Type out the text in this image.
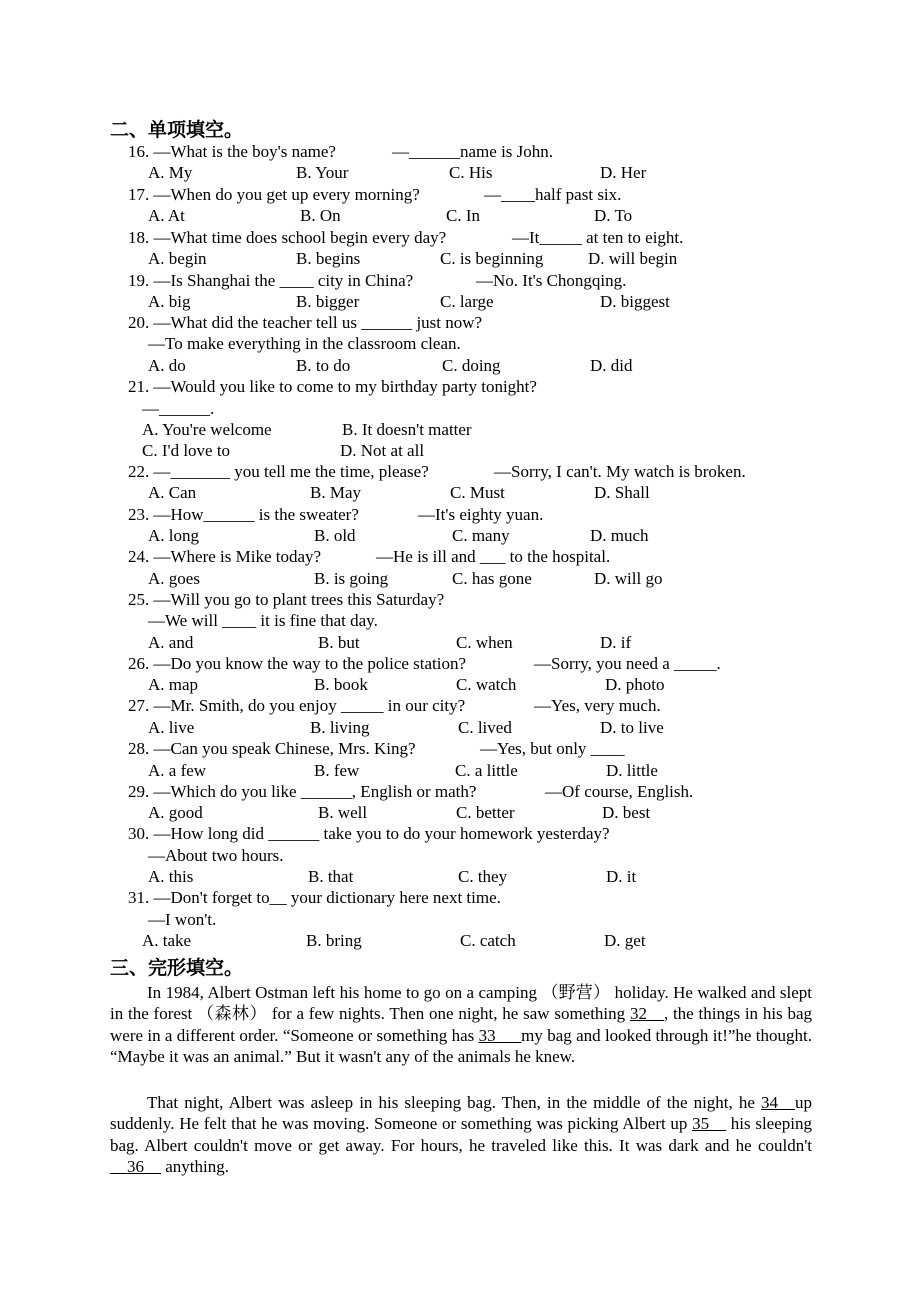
二、单项填空。
16. —What is the boy's name?	—______name is John.
A. My	B. Your	C. His	D. Her
17. —When do you get up every morning?	—____half past six.
A. At	B. On	C. In	D. To
18. —What time does school begin every day?	—It_____ at ten to eight.
A. begin	B. begins	C. is beginning	D. will begin
19. —Is Shanghai the ____ city in China?	—No. It's Chongqing.
A. big	B. bigger	C. large	D. biggest
20. —What did the teacher tell us ______ just now?
—To make everything in the classroom clean.
A. do	B. to do	C. doing	D. did
21. —Would you like to come to my birthday party tonight?
—______.
A. You're welcome	B. It doesn't matter
C. I'd love to	D. Not at all
22. —_______ you tell me the time, please?	—Sorry, I can't. My watch is broken.
A. Can	B. May	C. Must	D. Shall
23. —How______ is the sweater?	—It's eighty yuan.
A. long	B. old	C. many	D. much
24. —Where is Mike today?	—He is ill and ___ to the hospital.
A. goes	B. is going	C. has gone	D. will go
25. —Will you go to plant trees this Saturday?
—We will ____ it is fine that day.
A. and	B. but	C. when	D. if
26. —Do you know the way to the police station?	—Sorry, you need a _____.
A. map	B. book	C. watch	D. photo
27. —Mr. Smith, do you enjoy _____ in our city?	—Yes, very much.
A. live	B. living	C. lived	D. to live
28. —Can you speak Chinese, Mrs. King?	—Yes, but only ____
A. a few	B. few	C. a little	D. little
29. —Which do you like ______, English or math?	—Of course, English.
A. good	B. well	C. better	D. best
30. —How long did ______ take you to do your homework yesterday?
—About two hours.
A. this	B. that	C. they	D. it
31. —Don't forget to__ your dictionary here next time.
—I won't.
A. take	B. bring	C. catch	D. get
三、完形填空。
In 1984, Albert Ostman left his home to go on a camping （野营） holiday. He walked and slept in the forest （森林） for a few nights. Then one night, he saw something 32__, the things in his bag were in a different order. “Someone or something has 33___my bag and looked through it!”he thought. “Maybe it was an animal.” But it wasn't any of the animals he knew.
That night, Albert was asleep in his sleeping bag. Then, in the middle of the night, he 34__up suddenly. He felt that he was moving. Someone or something was picking Albert up 35__ his sleeping bag. Albert couldn't move or get away. For hours, he traveled like this. It was dark and he couldn't __36__ anything.
